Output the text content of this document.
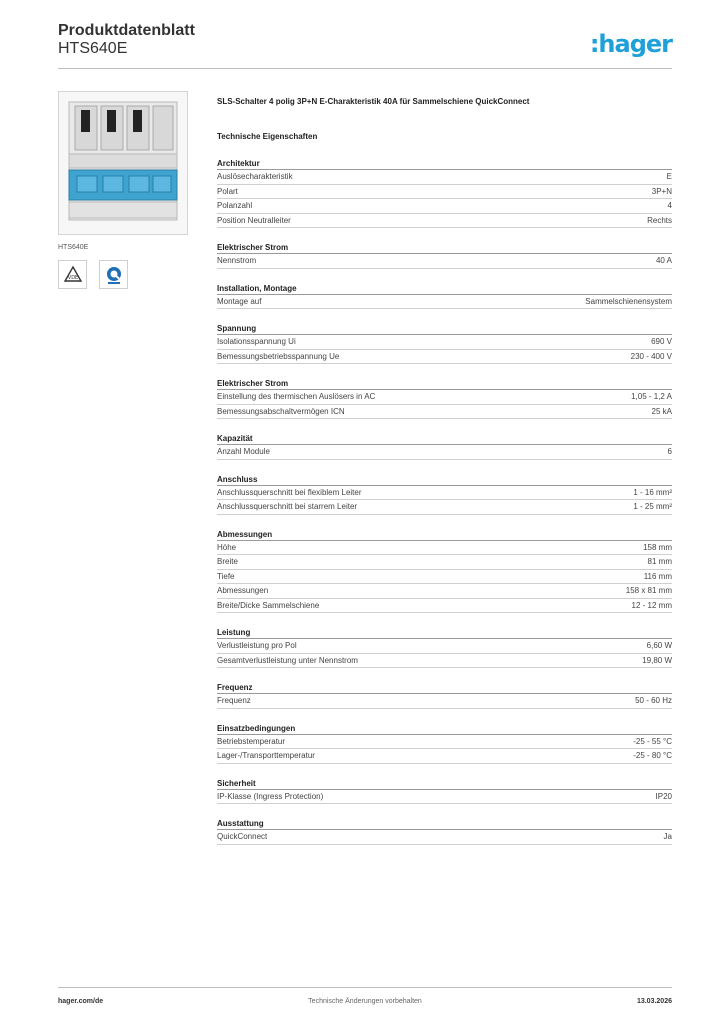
Produktdatenblatt
HTS640E	:hager
HTS640E
VDE
SLS-Schalter 4 polig 3P+N E-Charakteristik 40A für Sammelschiene QuickConnect
Technische Eigenschaften
Architektur
Auslösecharakteristik	E
Polart	3P+N
Polanzahl	4
Position Neutralleiter	Rechts
Elektrischer Strom
Nennstrom	40 A
Installation, Montage
Montage auf	Sammelschienensystem
Spannung
Isolationsspannung Ui	690 V
Bemessungsbetriebsspannung Ue	230 - 400 V
Elektrischer Strom
Einstellung des thermischen Auslösers in AC	1,05 - 1,2 A
Bemessungsabschaltvermögen ICN	25 kA
Kapazität
Anzahl Module	6
Anschluss
Anschlussquerschnitt bei flexiblem Leiter	1 - 16 mm²
Anschlussquerschnitt bei starrem Leiter	1 - 25 mm²
Abmessungen
Höhe	158 mm
Breite	81 mm
Tiefe	116 mm
Abmessungen	158 x 81 mm
Breite/Dicke Sammelschiene	12 - 12 mm
Leistung
Verlustleistung pro Pol	6,60 W
Gesamtverlustleistung unter Nennstrom	19,80 W
Frequenz
Frequenz	50 - 60 Hz
Einsatzbedingungen
Betriebstemperatur	-25 - 55 °C
Lager-/Transporttemperatur	-25 - 80 °C
Sicherheit
IP-Klasse (Ingress Protection)	IP20
Ausstattung
QuickConnect	Ja
hager.com/de	Technische Änderungen vorbehalten	13.03.2026
